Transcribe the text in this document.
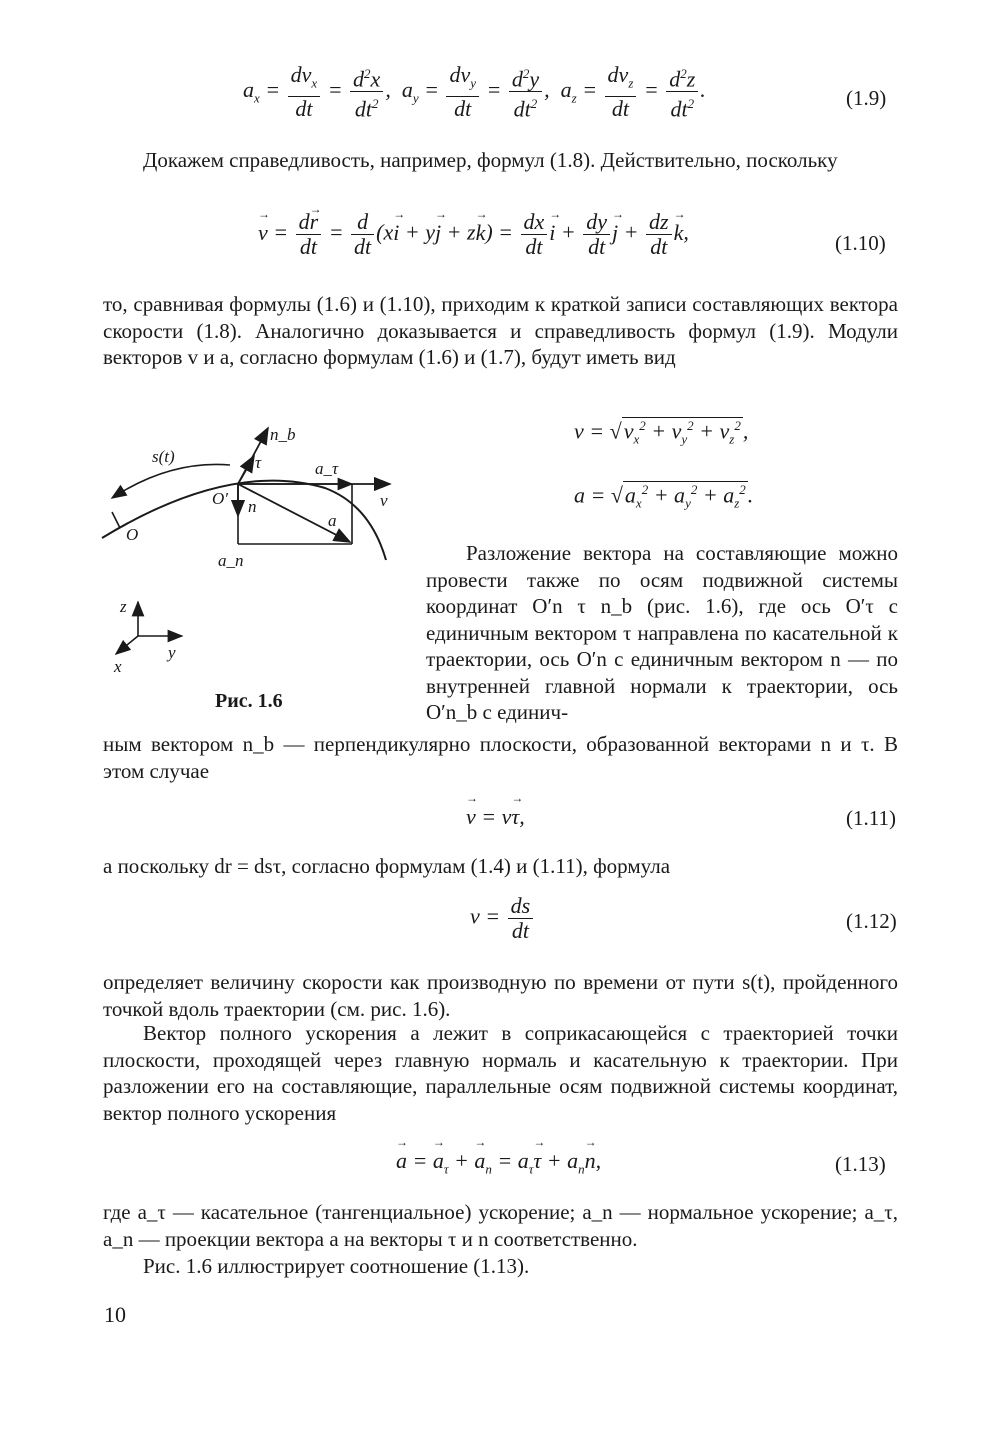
$a_x = \frac{dv_x}{dt} = \frac{d^2x}{dt^2}$ ,  $a_y = \frac{dv_y}{dt} = \frac{d^2y}{dt^2}$ ,  $a_z = \frac{dv_z}{dt} = \frac{d^2z}{dt^2}$ .	(1.9)
Докажем справедливость, например, формул (1.8). Действительно, поскольку
→ $v = \frac{d\to r}{dt} = \frac{d}{dt} (x\to i + y\to j + z\to k) = \frac{dx}{dt}$
→ $i + \frac{dy}{dt}$
→ $j + \frac{dz}{dt}$
→ k,	(1.10)
то, сравнивая формулы (1.6) и (1.10), приходим к краткой записи составляющих вектора скорости (1.8). Аналогично доказывается и справедливость формул (1.9). Модули векторов v и a, согласно формулам (1.6) и (1.7), будут иметь вид
$v = √v_x^2 + v_y^2 + v_z^2$,
$a = √a_x^2 + a_y^2 + a_z^2$.
s(t)
O
O′
n_b
τ	a_τ
v
n
a
a_n
z
y
x
Рис. 1.6
Разложение вектора на составляющие можно провести также по осям подвижной системы координат O′n τ n_b (рис. 1.6), где ось O′τ с единичным вектором τ направлена по касательной к траектории, ось O′n с единичным вектором n — по внутренней главной нормали к траектории, ось O′n_b с единич-
ным вектором n_b — перпендикулярно плоскости, образованной векторами n и τ. В этом случае
→ v = v→ τ,	(1.11)
а поскольку dr = dsτ, согласно формулам (1.4) и (1.11), формула
$v = \frac{ds}{dt}$	(1.12)
определяет величину скорости как производную по времени от пути s(t), пройденного точкой вдоль траектории (см. рис. 1.6).
Вектор полного ускорения a лежит в соприкасающейся с траекторией точки плоскости, проходящей через главную нормаль и касательную к траектории. При разложении его на составляющие, параллельные осям подвижной системы координат, вектор полного ускорения
→ a = → $a_\tau$ + → $a_n = a_\tau\to \tau + a_n\to n$,	(1.13)
где a_τ — касательное (тангенциальное) ускорение; a_n — нормальное ускорение; a_τ, a_n — проекции вектора a на векторы τ и n соответственно.
Рис. 1.6 иллюстрирует соотношение (1.13).
10
